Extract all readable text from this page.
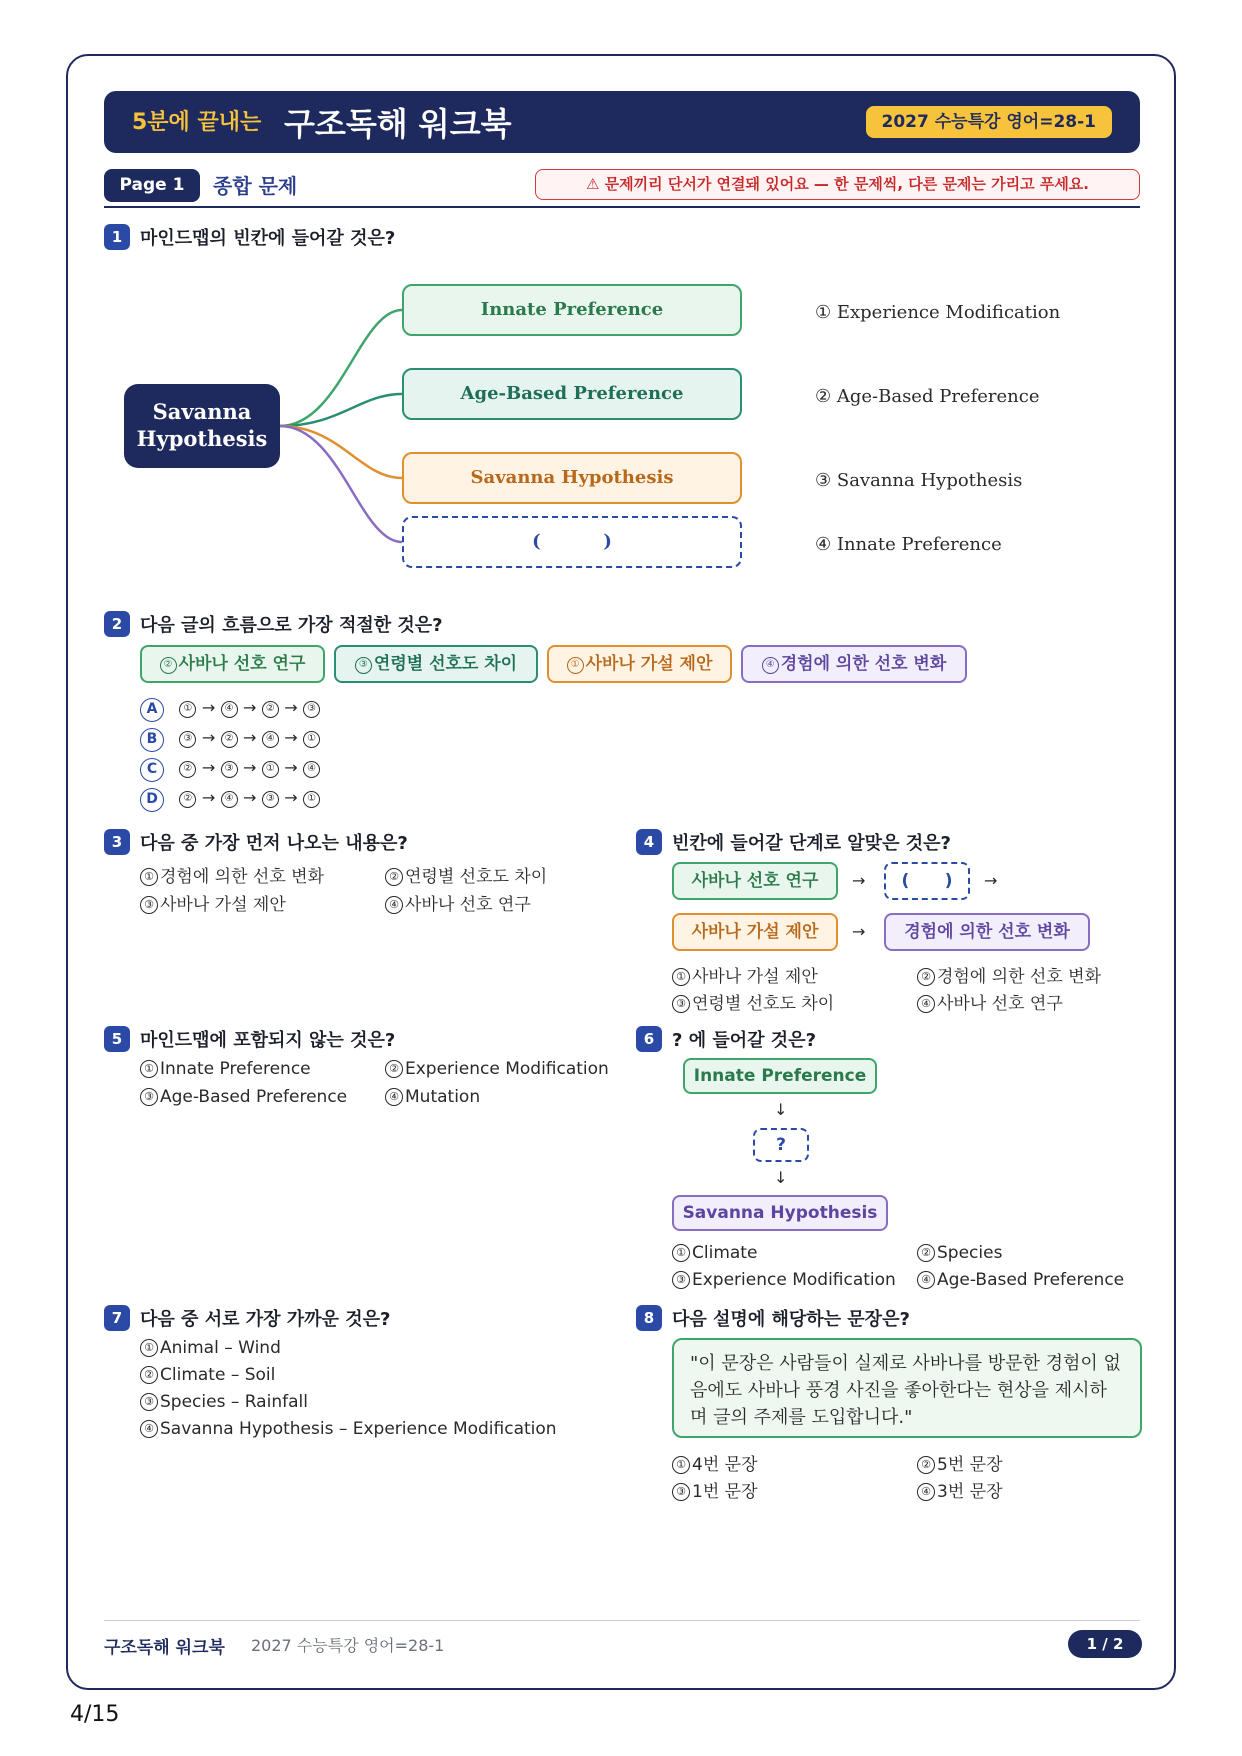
5분에 끝내는 구조독해 워크북	2027 수능특강 영어=28-1
Page 1	종합 문제	⚠ 문제끼리 단서가 연결돼 있어요 — 한 문제씩, 다른 문제는 가리고 푸세요.
1 마인드맵의 빈칸에 들어갈 것은?
Savanna
Hypothesis
Innate Preference
Age-Based Preference
Savanna Hypothesis
(          )
① Experience Modification
② Age-Based Preference
③ Savanna Hypothesis
④ Innate Preference
2 다음 글의 흐름으로 가장 적절한 것은?
② 사바나 선호 연구	③ 연령별 선호도 차이	① 사바나 가설 제안	④ 경험에 의한 선호 변화
A	① → ④ → ② → ③
B	③ → ② → ④ → ①
C	② → ③ → ① → ④
D	② → ④ → ③ → ①
3 다음 중 가장 먼저 나오는 내용은?
① 경험에 의한 선호 변화	② 연령별 선호도 차이
③ 사바나 가설 제안	④ 사바나 선호 연구
4 빈칸에 들어갈 단계로 알맞은 것은?
사바나 선호 연구	→	(      )	→
사바나 가설 제안	→	경험에 의한 선호 변화
① 사바나 가설 제안	② 경험에 의한 선호 변화
③ 연령별 선호도 차이	④ 사바나 선호 연구
5 마인드맵에 포함되지 않는 것은?
① Innate Preference	② Experience Modification
③ Age-Based Preference	④ Mutation
6 ? 에 들어갈 것은?
Innate Preference
↓
?
↓
Savanna Hypothesis
① Climate	② Species
③ Experience Modification	④ Age-Based Preference
7 다음 중 서로 가장 가까운 것은?
① Animal – Wind
② Climate – Soil
③ Species – Rainfall
④ Savanna Hypothesis – Experience Modification
8 다음 설명에 해당하는 문장은?
"이 문장은 사람들이 실제로 사바나를 방문한 경험이 없음에도 사바나 풍경 사진을 좋아한다는 현상을 제시하며 글의 주제를 도입합니다."
① 4번 문장	② 5번 문장
③ 1번 문장	④ 3번 문장
구조독해 워크북 2027 수능특강 영어=28-1	1 / 2
4/15
